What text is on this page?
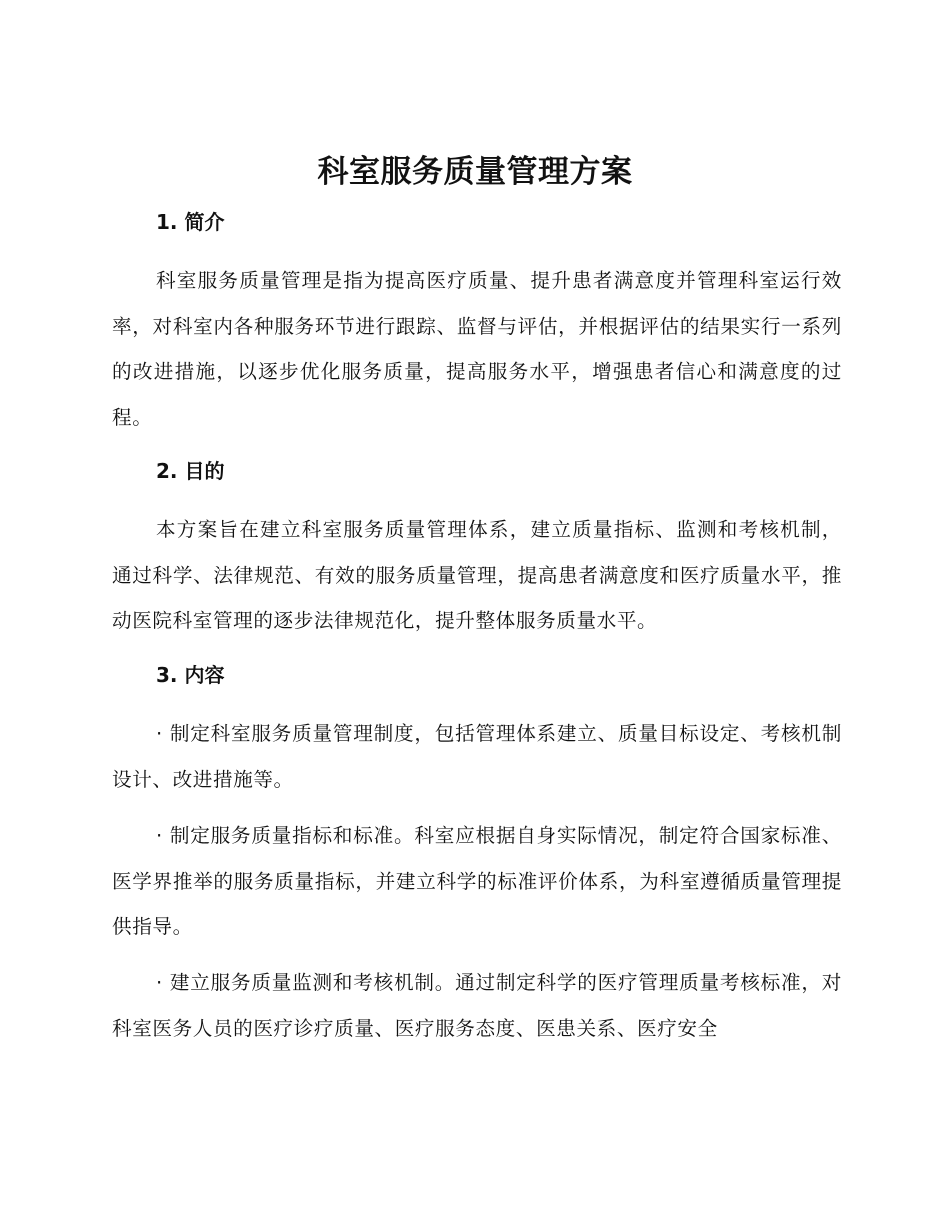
科室服务质量管理方案
1. 简介

科室服务质量管理是指为提高医疗质量、提升患者满意度并管理科室运行效率，对科室内各种服务环节进行跟踪、监督与评估，并根据评估的结果实行一系列的改进措施，以逐步优化服务质量，提高服务水平，增强患者信心和满意度的过程。

2. 目的

本方案旨在建立科室服务质量管理体系，建立质量指标、监测和考核机制，通过科学、法律规范、有效的服务质量管理，提高患者满意度和医疗质量水平，推动医院科室管理的逐步法律规范化，提升整体服务质量水平。

3. 内容

· 制定科室服务质量管理制度，包括管理体系建立、质量目标设定、考核机制设计、改进措施等。

· 制定服务质量指标和标准。科室应根据自身实际情况，制定符合国家标准、医学界推举的服务质量指标，并建立科学的标准评价体系，为科室遵循质量管理提供指导。

· 建立服务质量监测和考核机制。通过制定科学的医疗管理质量考核标准，对科室医务人员的医疗诊疗质量、医疗服务态度、医患关系、医疗安全
